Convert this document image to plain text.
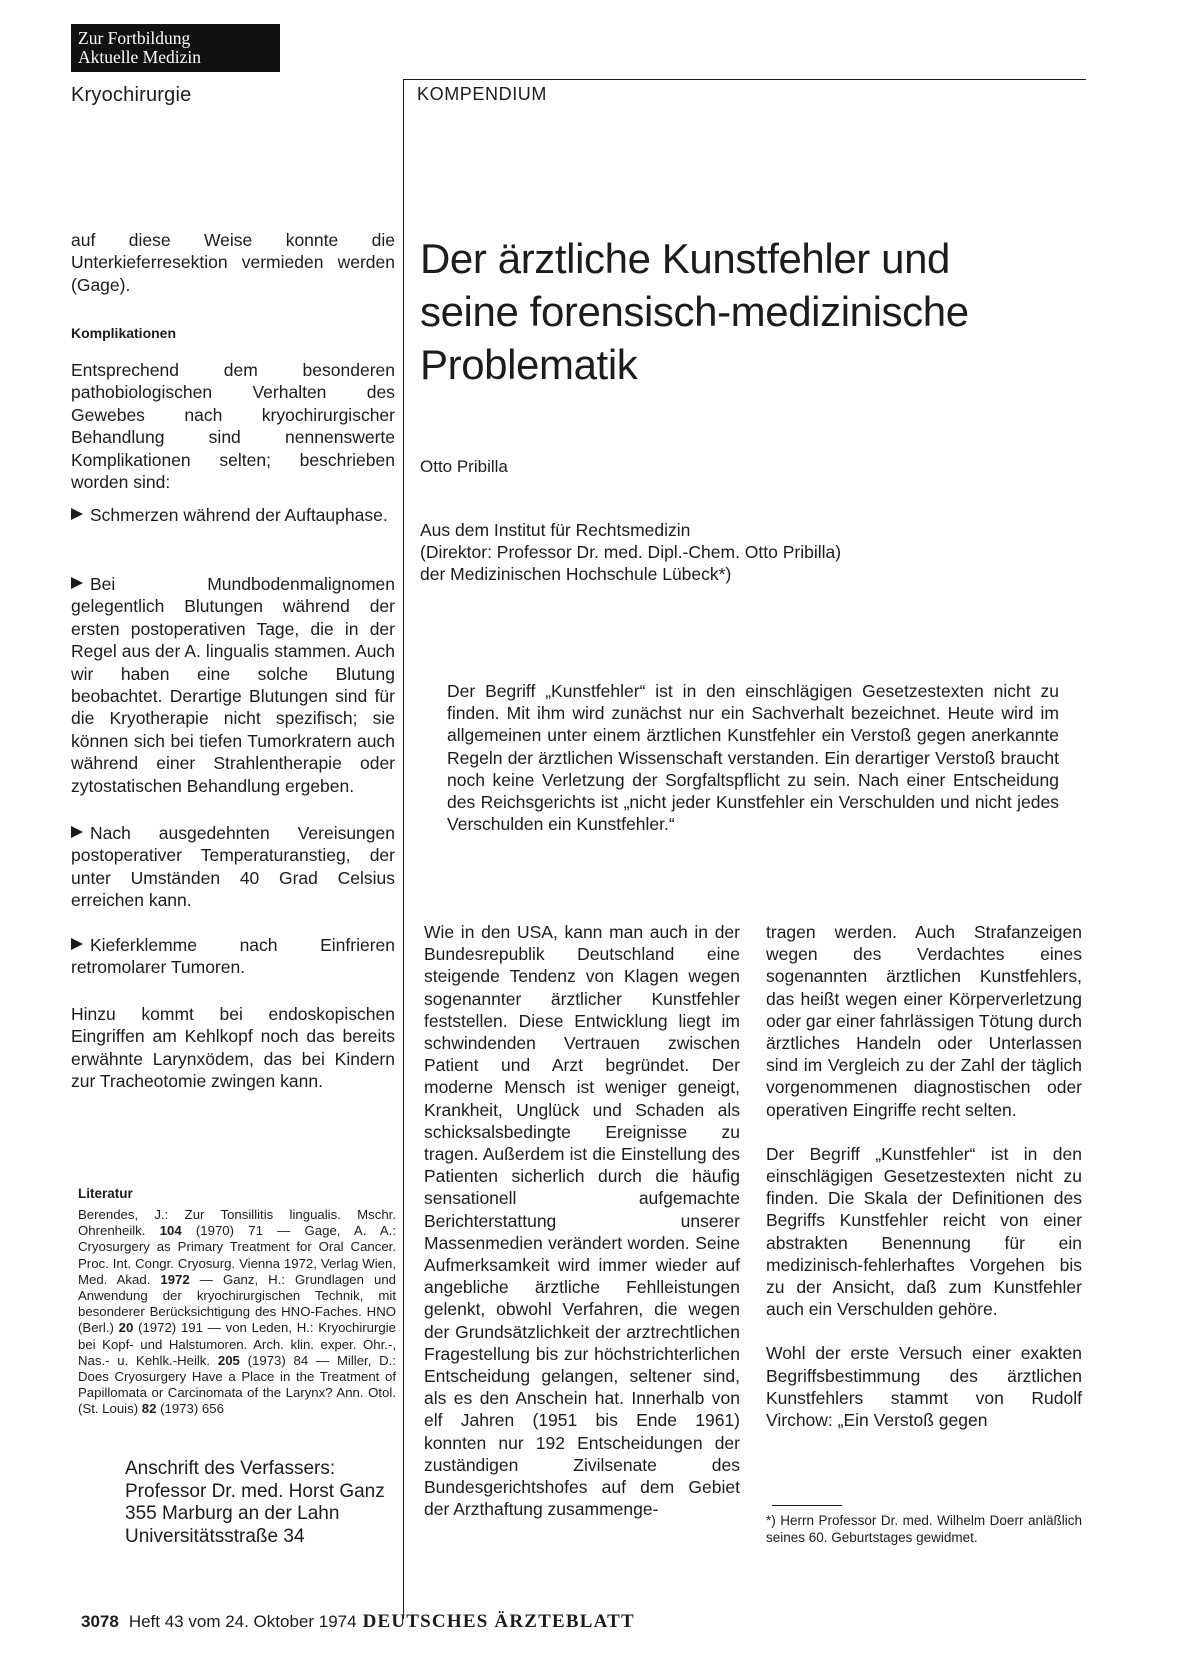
Zur Fortbildung
Aktuelle Medizin
Kryochirurgie	KOMPENDIUM

auf diese Weise konnte die Unterkieferresektion vermieden werden (Gage).

Komplikationen

Entsprechend dem besonderen pathobiologischen Verhalten des Gewebes nach kryochirurgischer Behandlung sind nennenswerte Komplikationen selten; beschrieben worden sind:

Schmerzen während der Auftauphase.

Bei Mundbodenmalignomen gelegentlich Blutungen während der ersten postoperativen Tage, die in der Regel aus der A. lingualis stammen. Auch wir haben eine solche Blutung beobachtet. Derartige Blutungen sind für die Kryotherapie nicht spezifisch; sie können sich bei tiefen Tumorkratern auch während einer Strahlentherapie oder zytostatischen Behandlung ergeben.

Nach ausgedehnten Vereisungen postoperativer Temperaturanstieg, der unter Umständen 40 Grad Celsius erreichen kann.

Kieferklemme nach Einfrieren retromolarer Tumoren.

Hinzu kommt bei endoskopischen Eingriffen am Kehlkopf noch das bereits erwähnte Larynxödem, das bei Kindern zur Tracheotomie zwingen kann.

Literatur
Berendes, J.: Zur Tonsillitis lingualis. Mschr. Ohrenheilk. 104 (1970) 71 — Gage, A. A.: Cryosurgery as Primary Treatment for Oral Cancer. Proc. Int. Congr. Cryosurg. Vienna 1972, Verlag Wien, Med. Akad. 1972 — Ganz, H.: Grundlagen und Anwendung der kryochirurgischen Technik, mit besonderer Berücksichtigung des HNO-Faches. HNO (Berl.) 20 (1972) 191 — von Leden, H.: Kryochirurgie bei Kopf- und Halstumoren. Arch. klin. exper. Ohr.-, Nas.- u. Kehlk.-Heilk. 205 (1973) 84 — Miller, D.: Does Cryosurgery Have a Place in the Treatment of Papillomata or Carcinomata of the Larynx? Ann. Otol. (St. Louis) 82 (1973) 656
Anschrift des Verfassers:
Professor Dr. med. Horst Ganz
355 Marburg an der Lahn
Universitätsstraße 34
Der ärztliche Kunstfehler und
seine forensisch-medizinische
Problematik
Otto Pribilla
Aus dem Institut für Rechtsmedizin
(Direktor: Professor Dr. med. Dipl.-Chem. Otto Pribilla)
der Medizinischen Hochschule Lübeck*)

Der Begriff „Kunstfehler“ ist in den einschlägigen Gesetzestexten nicht zu finden. Mit ihm wird zunächst nur ein Sachverhalt bezeichnet. Heute wird im allgemeinen unter einem ärztlichen Kunstfehler ein Verstoß gegen anerkannte Regeln der ärztlichen Wissenschaft verstanden. Ein derartiger Verstoß braucht noch keine Verletzung der Sorgfaltspflicht zu sein. Nach einer Entscheidung des Reichsgerichts ist „nicht jeder Kunstfehler ein Verschulden und nicht jedes Verschulden ein Kunstfehler.“

Wie in den USA, kann man auch in der Bundesrepublik Deutschland eine steigende Tendenz von Klagen wegen sogenannter ärztlicher Kunstfehler feststellen. Diese Entwicklung liegt im schwindenden Vertrauen zwischen Patient und Arzt begründet. Der moderne Mensch ist weniger geneigt, Krankheit, Unglück und Schaden als schicksalsbedingte Ereignisse zu tragen. Außerdem ist die Einstellung des Patienten sicherlich durch die häufig sensationell aufgemachte Berichterstattung unserer Massenmedien verändert worden. Seine Aufmerksamkeit wird immer wieder auf angebliche ärztliche Fehlleistungen gelenkt, obwohl Verfahren, die wegen der Grundsätzlichkeit der arztrechtlichen Fragestellung bis zur höchstrichterlichen Entscheidung gelangen, seltener sind, als es den Anschein hat. Innerhalb von elf Jahren (1951 bis Ende 1961) konnten nur 192 Entscheidungen der zuständigen Zivilsenate des Bundesgerichtshofes auf dem Gebiet der Arzthaftung zusammenge-

tragen werden. Auch Strafanzeigen wegen des Verdachtes eines sogenannten ärztlichen Kunstfehlers, das heißt wegen einer Körperverletzung oder gar einer fahrlässigen Tötung durch ärztliches Handeln oder Unterlassen sind im Vergleich zu der Zahl der täglich vorgenommenen diagnostischen oder operativen Eingriffe recht selten.

Der Begriff „Kunstfehler“ ist in den einschlägigen Gesetzestexten nicht zu finden. Die Skala der Definitionen des Begriffs Kunstfehler reicht von einer abstrakten Benennung für ein medizinisch-fehlerhaftes Vorgehen bis zu der Ansicht, daß zum Kunstfehler auch ein Verschulden gehöre.

Wohl der erste Versuch einer exakten Begriffsbestimmung des ärztlichen Kunstfehlers stammt von Rudolf Virchow: „Ein Verstoß gegen

*) Herrn Professor Dr. med. Wilhelm Doerr anläßlich seines 60. Geburtstages gewidmet.
3078 Heft 43 vom 24. Oktober 1974 DEUTSCHES ÄRZTEBLATT
